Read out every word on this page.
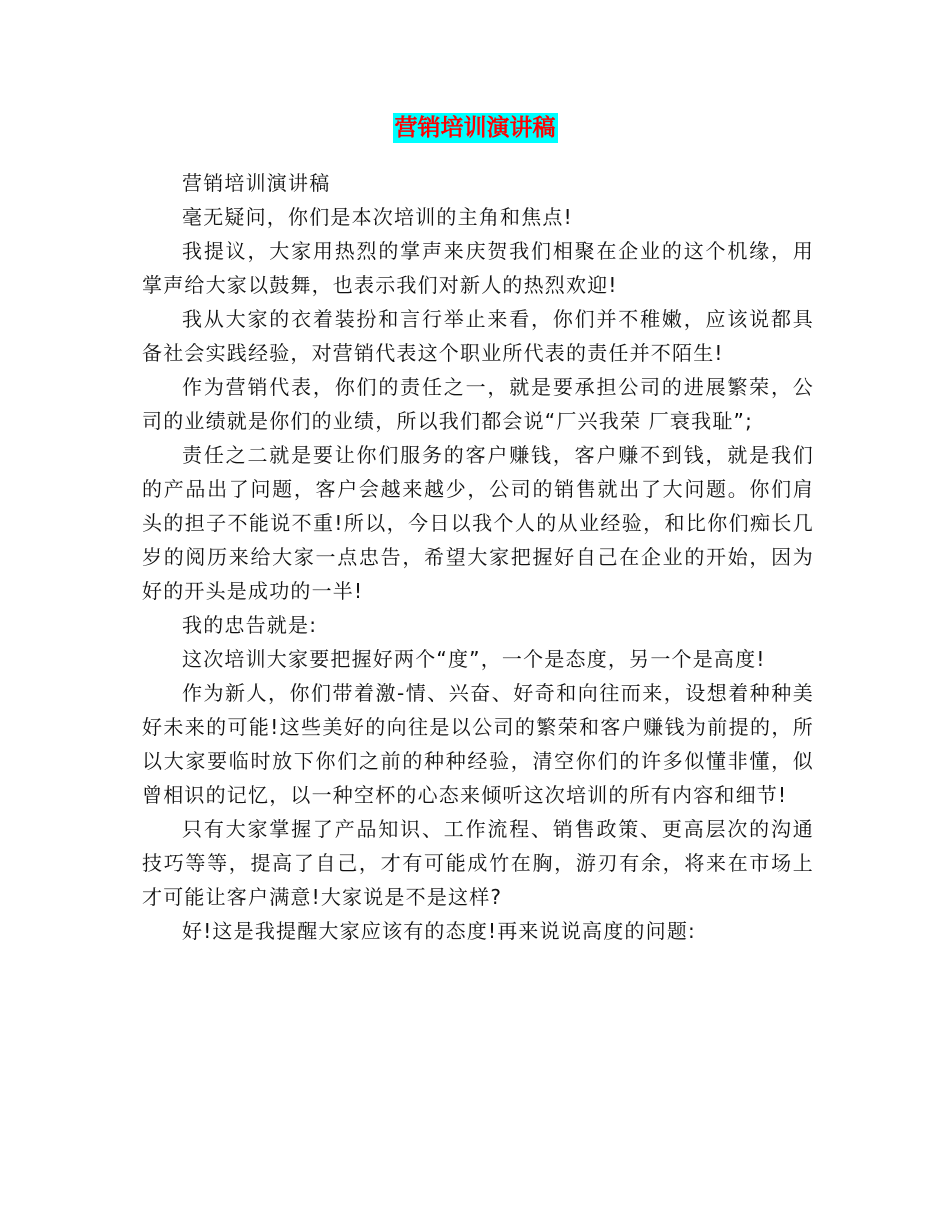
营销培训演讲稿

营销培训演讲稿

毫无疑问，你们是本次培训的主角和焦点!

我提议，大家用热烈的掌声来庆贺我们相聚在企业的这个机缘，用掌声给大家以鼓舞，也表示我们对新人的热烈欢迎!

我从大家的衣着装扮和言行举止来看，你们并不稚嫩，应该说都具备社会实践经验，对营销代表这个职业所代表的责任并不陌生!

作为营销代表，你们的责任之一，就是要承担公司的进展繁荣，公司的业绩就是你们的业绩，所以我们都会说“厂兴我荣 厂衰我耻”;

责任之二就是要让你们服务的客户赚钱，客户赚不到钱，就是我们的产品出了问题，客户会越来越少，公司的销售就出了大问题。你们肩头的担子不能说不重!所以，今日以我个人的从业经验，和比你们痴长几岁的阅历来给大家一点忠告，希望大家把握好自己在企业的开始，因为好的开头是成功的一半!

我的忠告就是:

这次培训大家要把握好两个“度”，一个是态度，另一个是高度!

作为新人，你们带着激-情、兴奋、好奇和向往而来，设想着种种美好未来的可能!这些美好的向往是以公司的繁荣和客户赚钱为前提的，所以大家要临时放下你们之前的种种经验，清空你们的许多似懂非懂，似曾相识的记忆，以一种空杯的心态来倾听这次培训的所有内容和细节!

只有大家掌握了产品知识、工作流程、销售政策、更高层次的沟通技巧等等，提高了自己，才有可能成竹在胸，游刃有余，将来在市场上才可能让客户满意!大家说是不是这样?

好!这是我提醒大家应该有的态度!再来说说高度的问题:
